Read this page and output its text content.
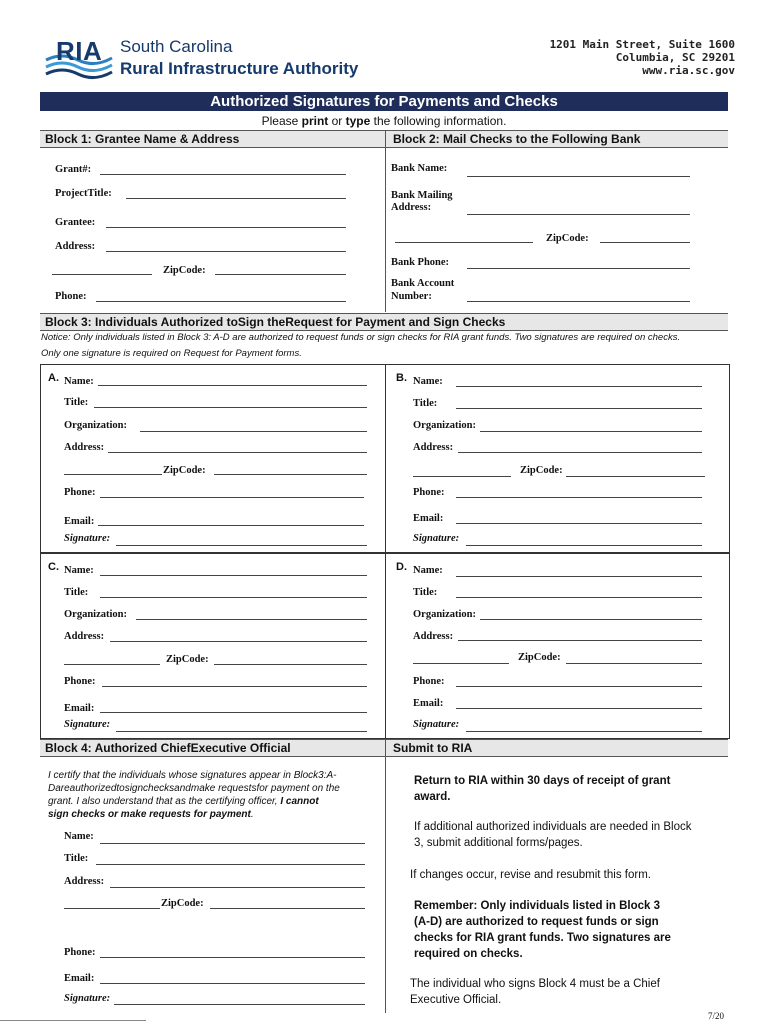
RIA South Carolina
Rural Infrastructure Authority
1201 Main Street, Suite 1600
Columbia, SC 29201
www.ria.sc.gov
Authorized Signatures for Payments and Checks
Please print or type the following information.
Block 1: Grantee Name & Address	Block 2: Mail Checks to the Following Bank
Grant#:
ProjectTitle:
Grantee:
Address:
ZipCode:
Phone:
Bank Name:
Bank Mailing
Address:
ZipCode:
Bank Phone:
Bank Account
Number:
Block 3: Individuals Authorized toSign theRequest for Payment and Sign Checks
Notice: Only individuals listed in Block 3: A-D are authorized to request funds or sign checks for RIA grant funds. Two signatures are required on checks.
Only one signature is required on Request for Payment forms.
A. Name:
Title:
Organization:
Address:
ZipCode:
Phone:
Email:
Signature:
B. Name:
Title:
Organization:
Address:
ZipCode:
Phone:
Email:
Signature:
C. Name:
Title:
Organization:
Address:
ZipCode:
Phone:
Email:
Signature:
D. Name:
Title:
Organization:
Address:
ZipCode:
Phone:
Email:
Signature:
Block 4: Authorized ChiefExecutive Official	Submit to RIA
I certify that the individuals whose signatures appear in Block3:A-
Dareauthorizedtosignchecksandmake requestsfor payment on the
grant. I also understand that as the certifying officer, I cannot
sign checks or make requests for payment.
Name:
Title:
Address:
ZipCode:
Phone:
Email:
Signature:
Return to RIA within 30 days of receipt of grant
award.
If additional authorized individuals are needed in Block
3, submit additional forms/pages.
If changes occur, revise and resubmit this form.
Remember: Only individuals listed in Block 3
(A-D) are authorized to request funds or sign
checks for RIA grant funds. Two signatures are
required on checks.
The individual who signs Block 4 must be a Chief
Executive Official.
7/20
